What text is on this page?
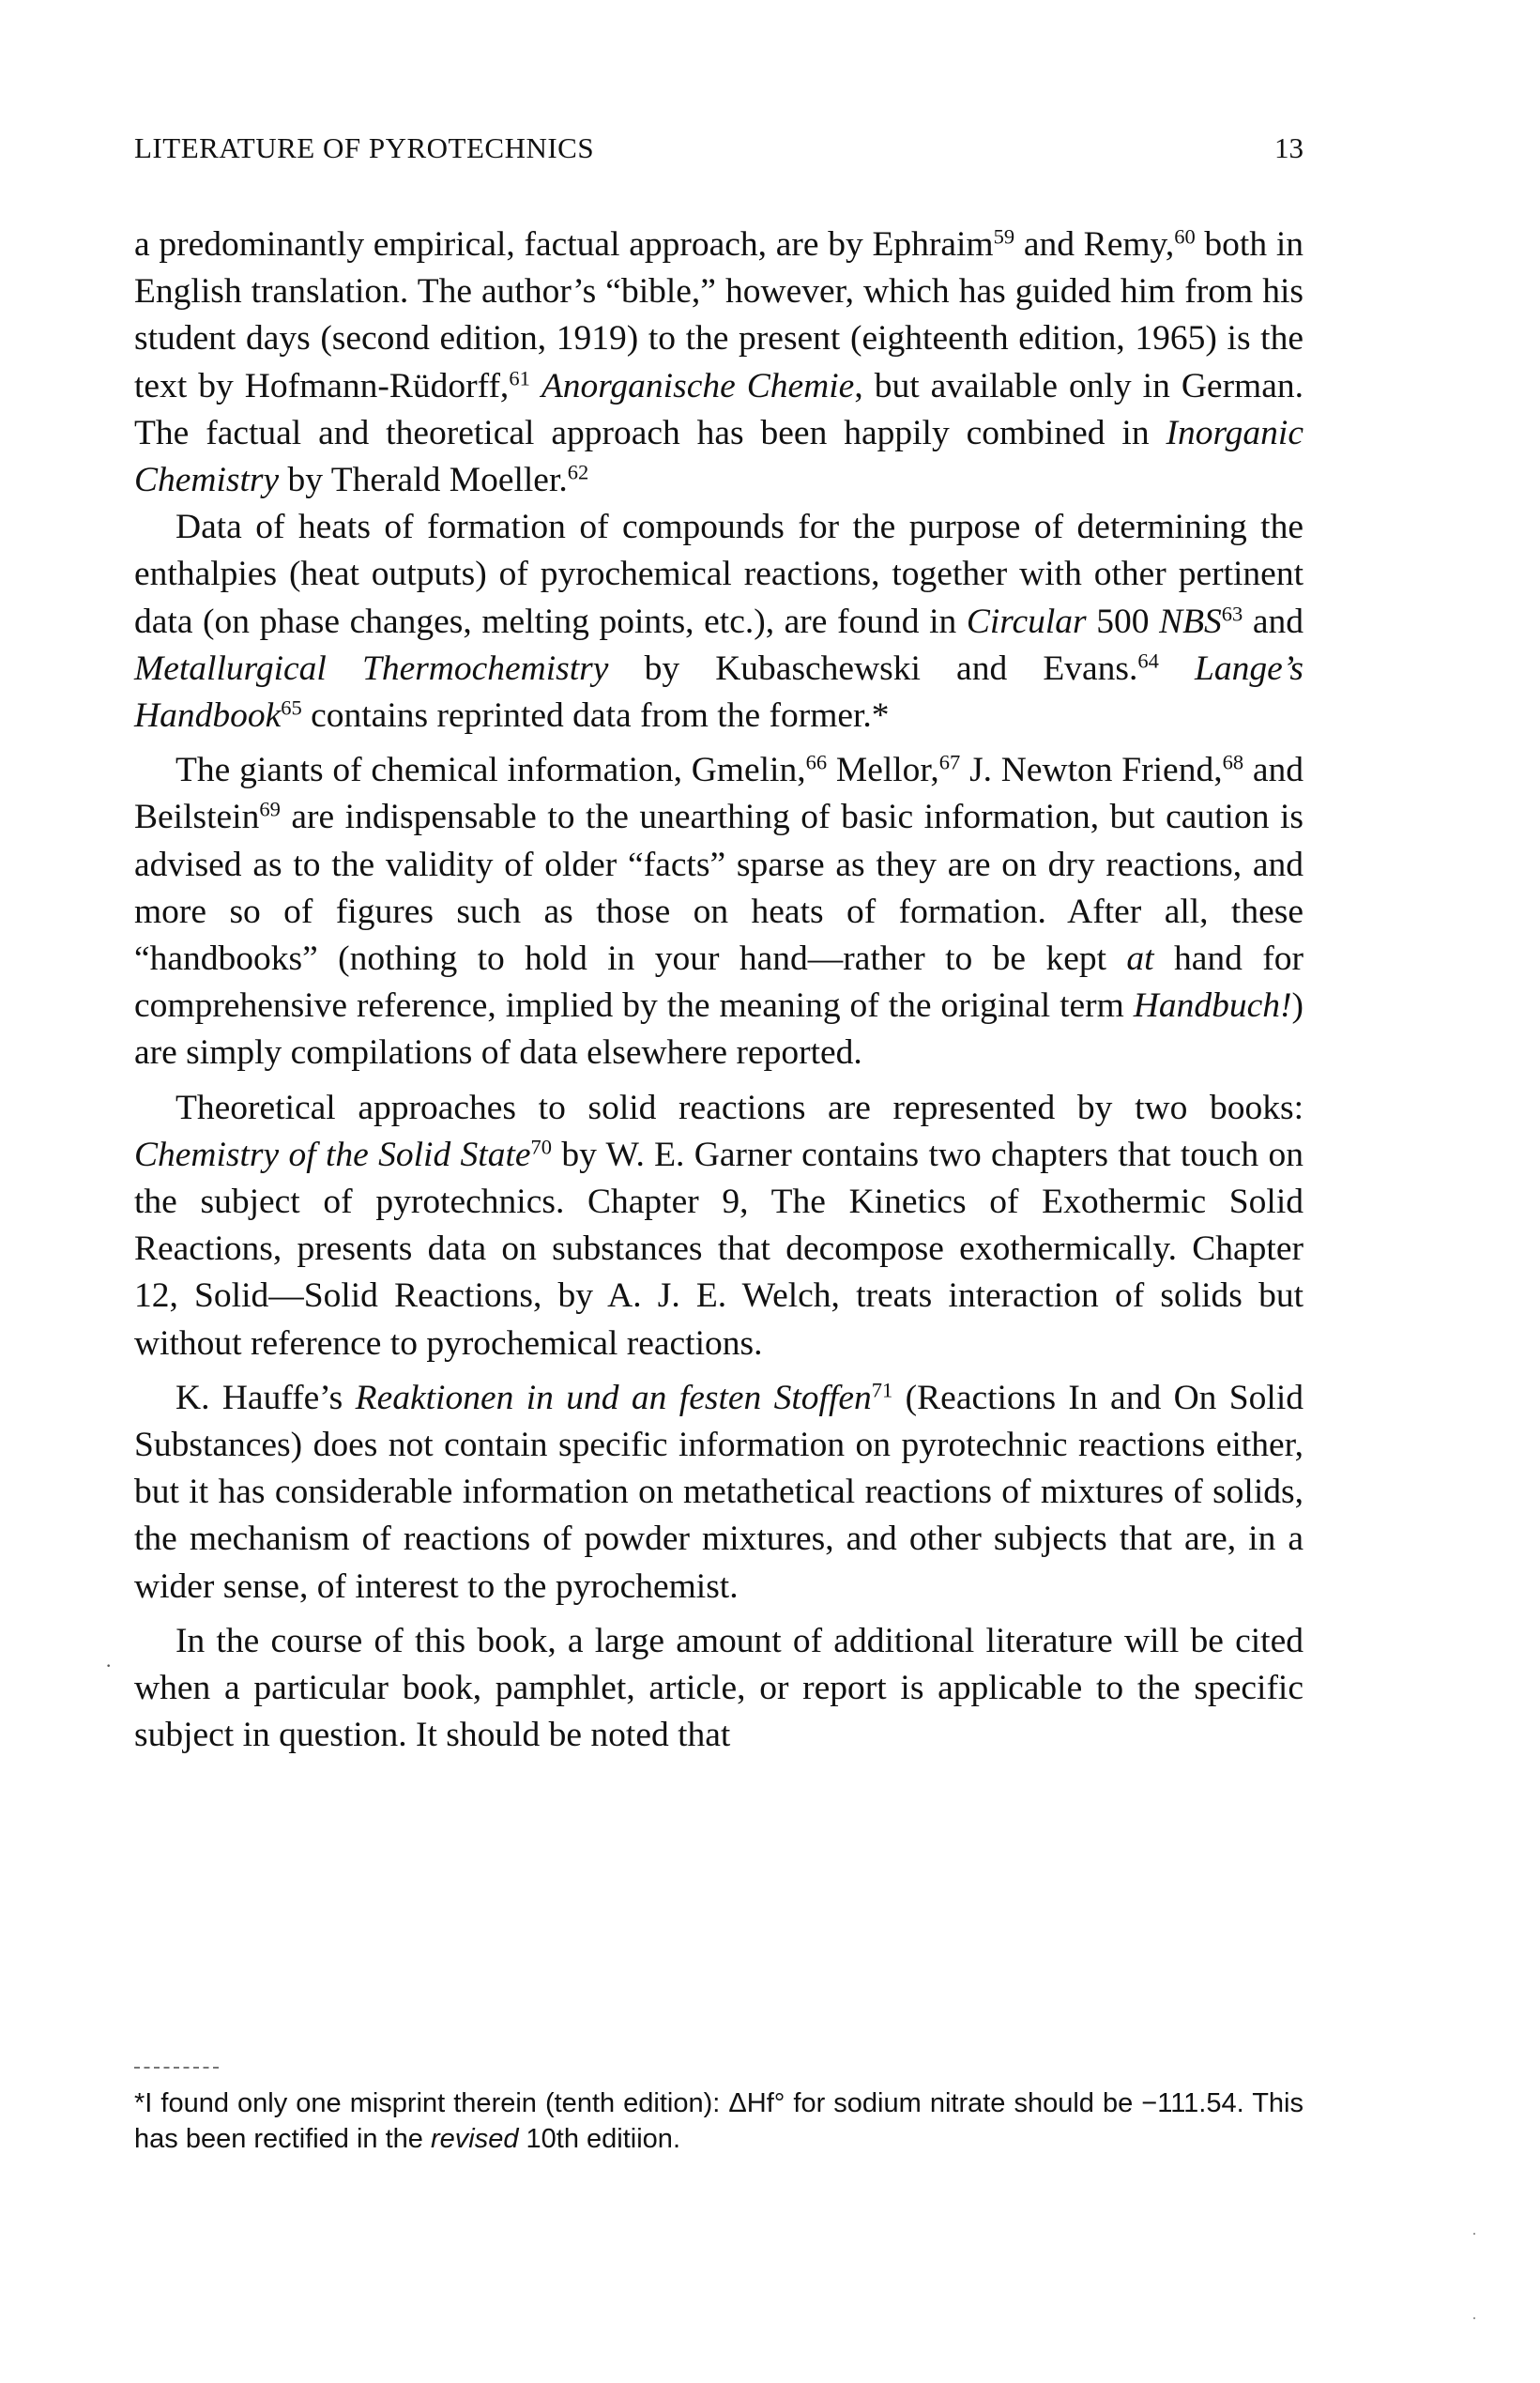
LITERATURE OF PYROTECHNICS	13

a predominantly empirical, factual approach, are by Ephraim$^{59}$ and Remy,$^{60}$ both in English translation. The author’s “bible,” however, which has guided him from his student days (second edition, 1919) to the present (eighteenth edition, 1965) is the text by Hofmann-Rüdorff,$^{61}$ Anorganische Chemie, but available only in German. The factual and theoretical approach has been happily combined in Inorganic Chemistry by Therald Moeller.$^{62}$

Data of heats of formation of compounds for the purpose of determining the enthalpies (heat outputs) of pyrochemical reactions, together with other pertinent data (on phase changes, melting points, etc.), are found in Circular 500 NBS$^{63}$ and Metallurgical Thermochemistry by Kubaschewski and Evans.$^{64}$ Lange’s Handbook$^{65}$ contains reprinted data from the former.*

The giants of chemical information, Gmelin,$^{66}$ Mellor,$^{67}$ J. Newton Friend,$^{68}$ and Beilstein$^{69}$ are indispensable to the unearthing of basic information, but caution is advised as to the validity of older “facts” sparse as they are on dry reactions, and more so of figures such as those on heats of formation. After all, these “handbooks” (nothing to hold in your hand—rather to be kept at hand for comprehensive reference, implied by the meaning of the original term Handbuch!) are simply compilations of data elsewhere reported.

Theoretical approaches to solid reactions are represented by two books: Chemistry of the Solid State$^{70}$ by W. E. Garner contains two chapters that touch on the subject of pyrotechnics. Chapter 9, The Kinetics of Exothermic Solid Reactions, presents data on substances that decompose exothermically. Chapter 12, Solid—Solid Reactions, by A. J. E. Welch, treats interaction of solids but without reference to pyrochemical reactions.

K. Hauffe’s Reaktionen in und an festen Stoffen$^{71}$ (Reactions In and On Solid Substances) does not contain specific information on pyrotechnic reactions either, but it has considerable information on metathetical reactions of mixtures of solids, the mechanism of reactions of powder mixtures, and other subjects that are, in a wider sense, of interest to the pyrochemist.

In the course of this book, a large amount of additional literature will be cited when a particular book, pamphlet, article, or report is applicable to the specific subject in question. It should be noted that

·
*I found only one misprint therein (tenth edition): ΔHf° for sodium nitrate should be −111.54. This has been rectified in the revised 10th editiion.
·
·
